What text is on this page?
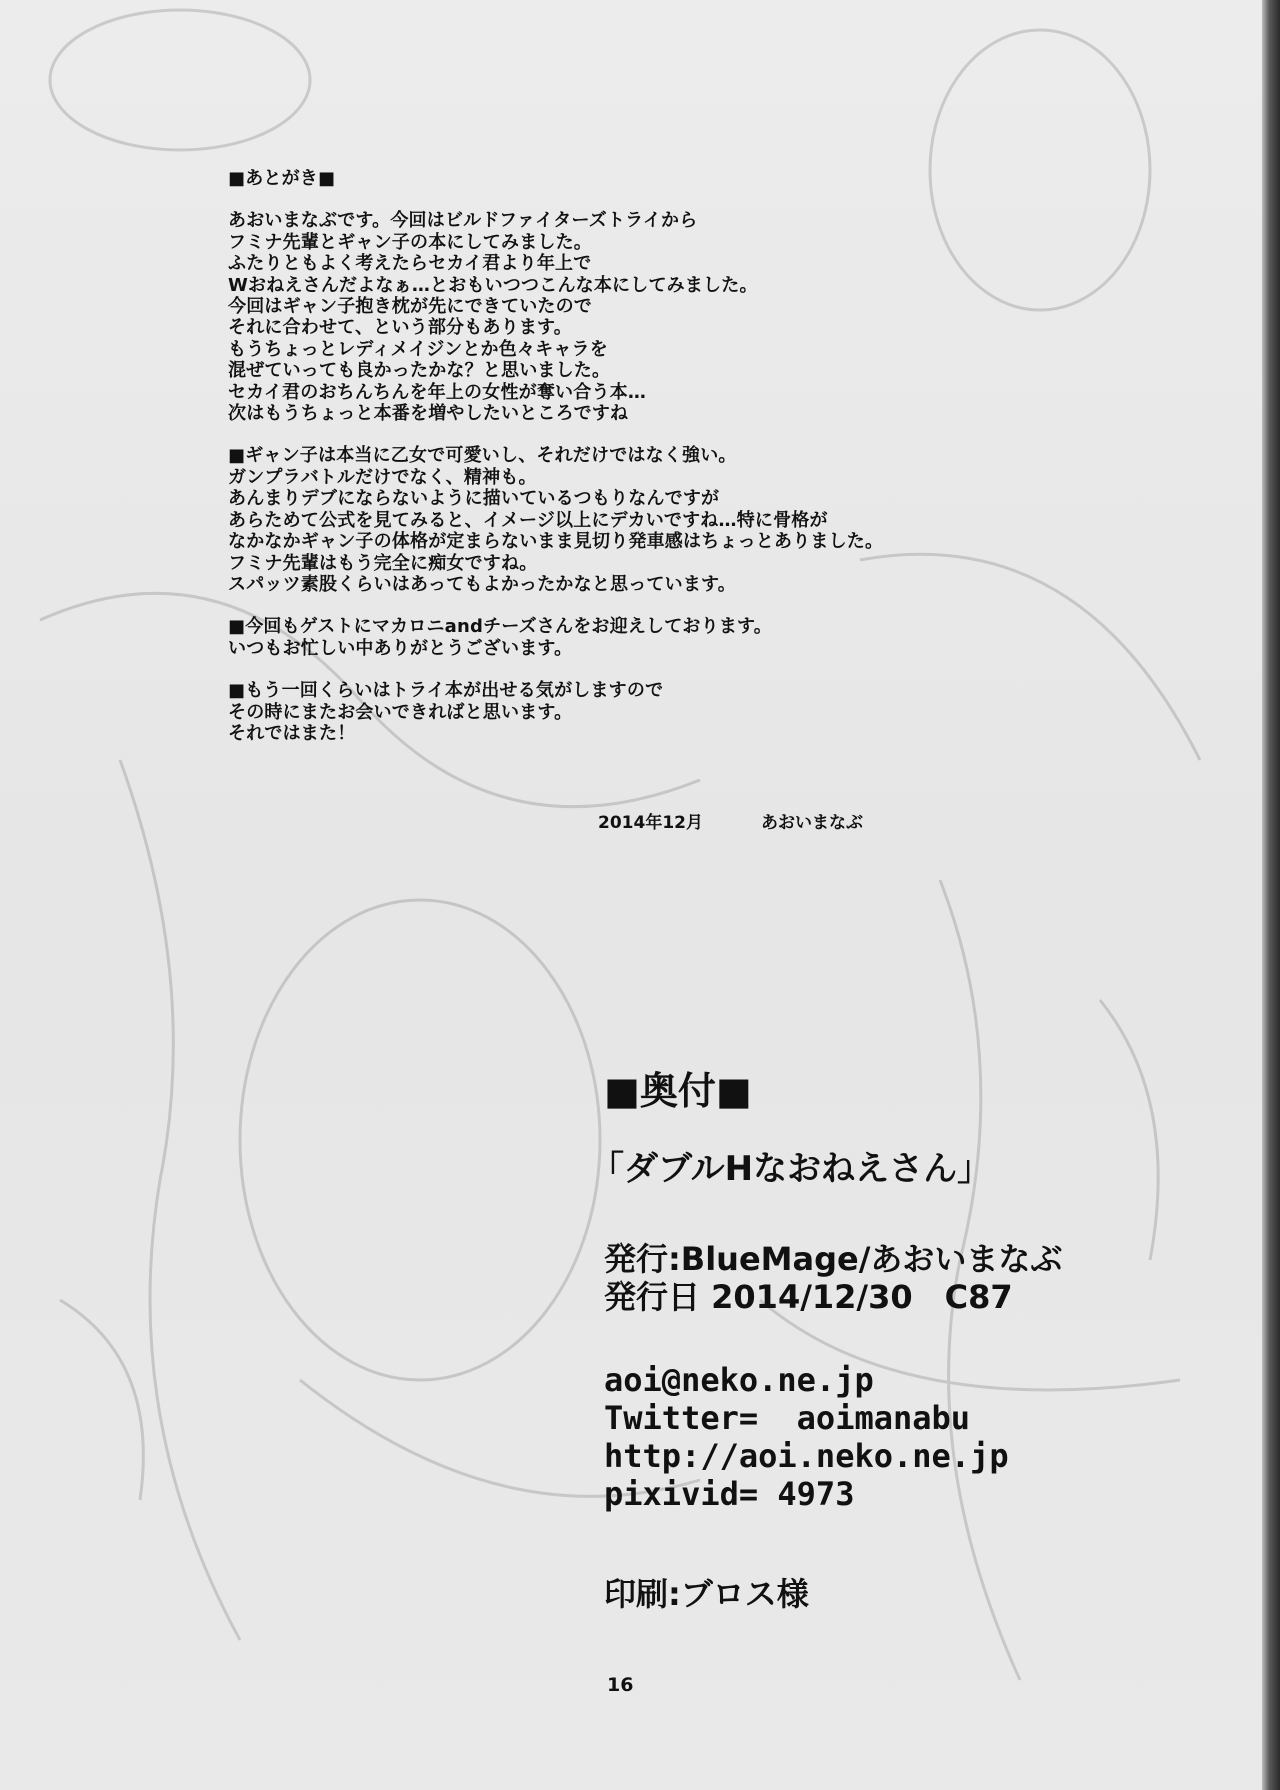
■あとがき■

あおいまなぶです。今回はビルドファイターズトライから
フミナ先輩とギャン子の本にしてみました。
ふたりともよく考えたらセカイ君より年上で
Wおねえさんだよなぁ…とおもいつつこんな本にしてみました。
今回はギャン子抱き枕が先にできていたので
それに合わせて、という部分もあります。
もうちょっとレディメイジンとか色々キャラを
混ぜていっても良かったかな？と思いました。
セカイ君のおちんちんを年上の女性が奪い合う本…
次はもうちょっと本番を増やしたいところですね

■ギャン子は本当に乙女で可愛いし、それだけではなく強い。
ガンプラバトルだけでなく、精神も。
あんまりデブにならないように描いているつもりなんですが
あらためて公式を見てみると、イメージ以上にデカいですね…特に骨格が
なかなかギャン子の体格が定まらないまま見切り発車感はちょっとありました。
フミナ先輩はもう完全に痴女ですね。
スパッツ素股くらいはあってもよかったかなと思っています。

■今回もゲストにマカロニandチーズさんをお迎えしております。
いつもお忙しい中ありがとうございます。

■もう一回くらいはトライ本が出せる気がしますので
その時にまたお会いできればと思います。
それではまた！

2014年12月	あおいまなぶ
■奥付■
「ダブルHなおねえさん」
発行:BlueMage/あおいまなぶ
発行日 2014/12/30　C87
aoi@neko.ne.jp
Twitter=  aoimanabu
http://aoi.neko.ne.jp
pixivid= 4973
印刷:ブロス様
16
